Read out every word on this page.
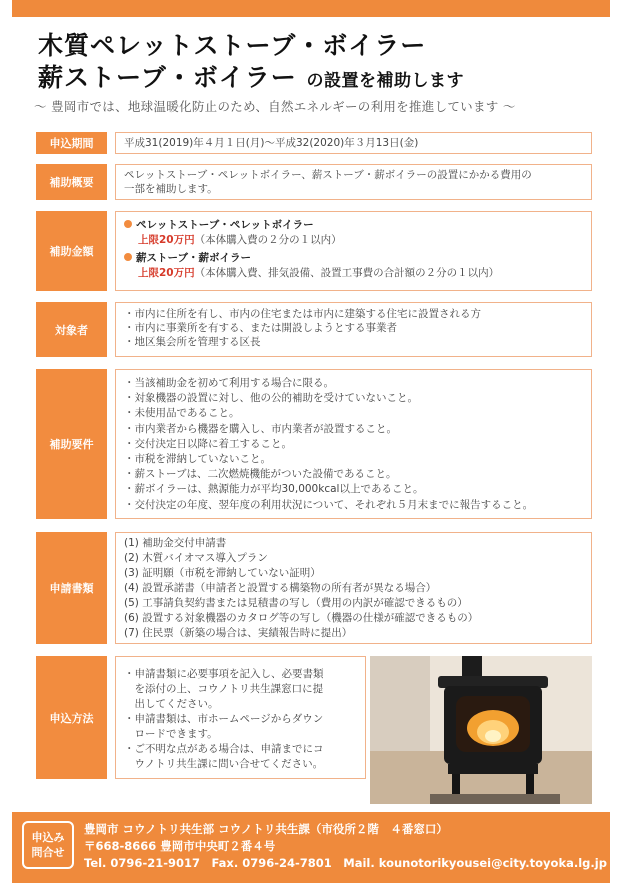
木質ペレットストーブ・ボイラー
薪ストーブ・ボイラー の設置を補助します
～ 豊岡市では、地球温暖化防止のため、自然エネルギーの利用を推進しています ～
申込期間	平成31(2019)年４月１日(月)〜平成32(2020)年３月13日(金)
補助概要
ペレットストーブ・ペレットボイラー、薪ストーブ・薪ボイラーの設置にかかる費用の
一部を補助します。
補助金額
ペレットストーブ・ペレットボイラー
上限20万円（本体購入費の２分の１以内）
薪ストーブ・薪ボイラー
上限20万円（本体購入費、排気設備、設置工事費の合計額の２分の１以内）
対象者
・市内に住所を有し、市内の住宅または市内に建築する住宅に設置される方
・市内に事業所を有する、または開設しようとする事業者
・地区集会所を管理する区長
補助要件
・当該補助金を初めて利用する場合に限る。
・対象機器の設置に対し、他の公的補助を受けていないこと。
・未使用品であること。
・市内業者から機器を購入し、市内業者が設置すること。
・交付決定日以降に着工すること。
・市税を滞納していないこと。
・薪ストーブは、二次燃焼機能がついた設備であること。
・薪ボイラーは、熱源能力が平均30,000kcal以上であること。
・交付決定の年度、翌年度の利用状況について、それぞれ５月末までに報告すること。
申請書類
(1) 補助金交付申請書
(2) 木質バイオマス導入プラン
(3) 証明願（市税を滞納していない証明）
(4) 設置承諾書（申請者と設置する構築物の所有者が異なる場合）
(5) 工事請負契約書または見積書の写し（費用の内訳が確認できるもの）
(6) 設置する対象機器のカタログ等の写し（機器の仕様が確認できるもの）
(7) 住民票（新築の場合は、実績報告時に提出）
申込方法
・申請書類に必要事項を記入し、必要書類
　を添付の上、コウノトリ共生課窓口に提
　出してください。
・申請書類は、市ホームページからダウン
　ロードできます。
・ご不明な点がある場合は、申請までにコ
　ウノトリ共生課に問い合せてください。
申込み
問合せ
豊岡市 コウノトリ共生部 コウノトリ共生課（市役所２階　４番窓口）
〒668-8666 豊岡市中央町２番４号
Tel. 0796-21-9017　Fax. 0796-24-7801　Mail. kounotorikyousei@city.toyoka.lg.jp
